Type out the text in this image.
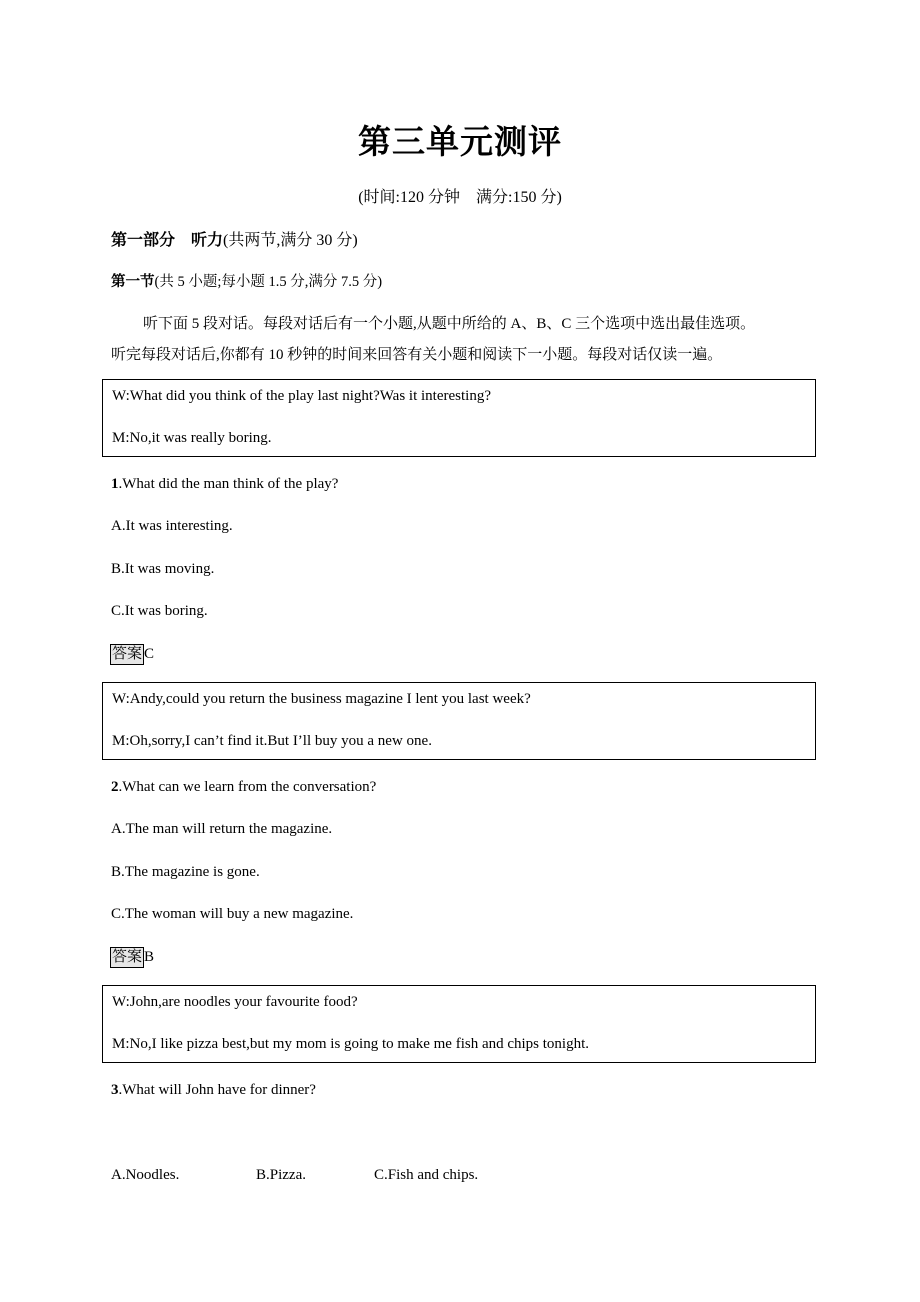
第三单元测评
(时间:120 分钟　满分:150 分)
第一部分　听力(共两节,满分 30 分)
第一节(共 5 小题;每小题 1.5 分,满分 7.5 分)
听下面 5 段对话。每段对话后有一个小题,从题中所给的 A、B、C 三个选项中选出最佳选项。
听完每段对话后,你都有 10 秒钟的时间来回答有关小题和阅读下一小题。每段对话仅读一遍。
W:What did you think of the play last night?Was it interesting?
M:No,it was really boring.
1.What did the man think of the play?
A.It was interesting.
B.It was moving.
C.It was boring.
答案 C
W:Andy,could you return the business magazine I lent you last week?
M:Oh,sorry,I can’t find it.But I’ll buy you a new one.
2.What can we learn from the conversation?
A.The man will return the magazine.
B.The magazine is gone.
C.The woman will buy a new magazine.
答案 B
W:John,are noodles your favourite food?
M:No,I like pizza best,but my mom is going to make me fish and chips tonight.
3.What will John have for dinner?
A.Noodles.	B.Pizza.	C.Fish and chips.
